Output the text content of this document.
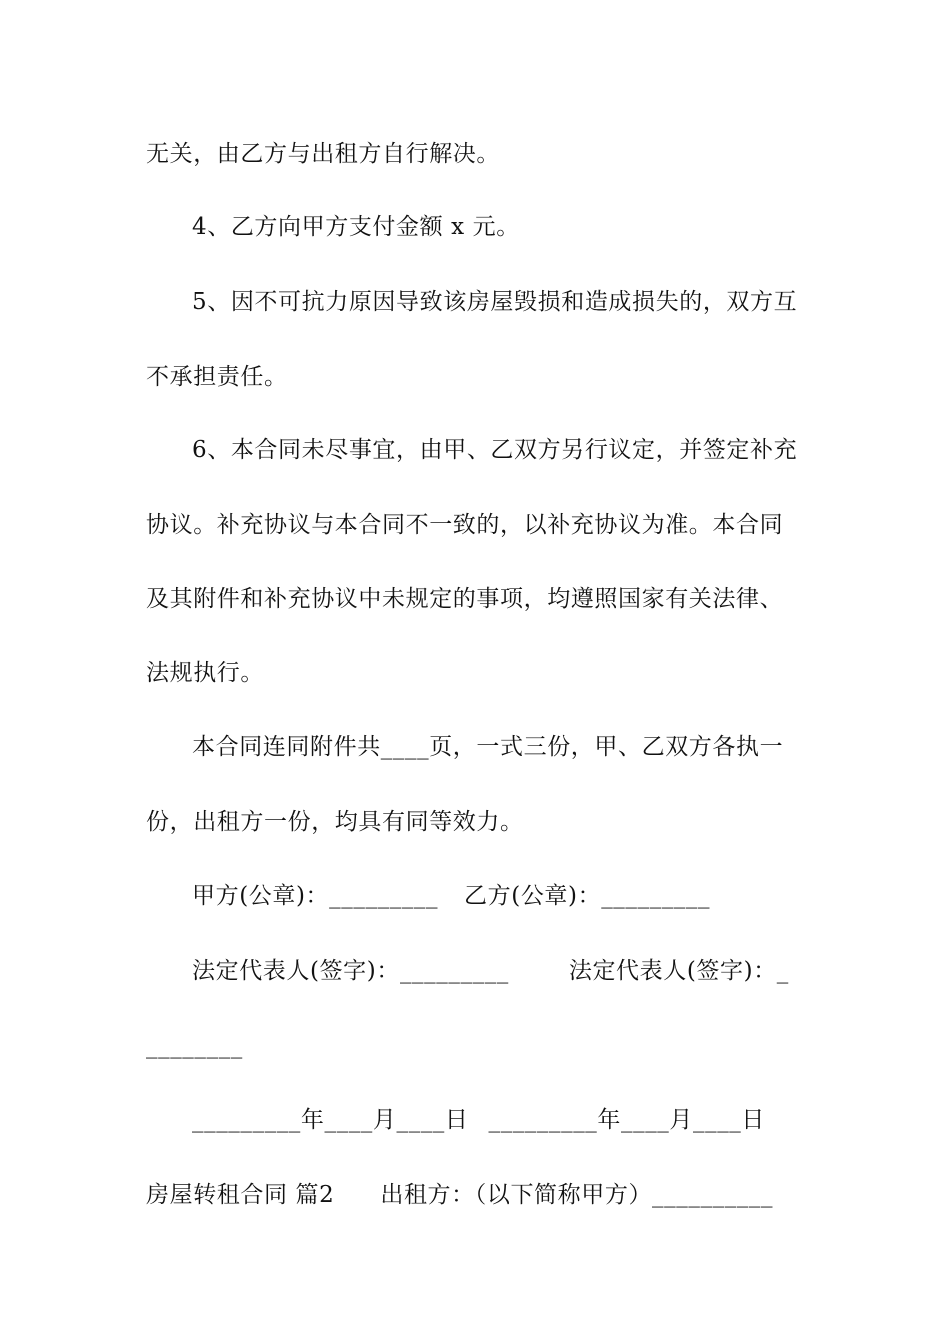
无关，由乙方与出租方自行解决。
4、乙方向甲方支付金额 x 元。
5、因不可抗力原因导致该房屋毁损和造成损失的，双方互
不承担责任。
6、本合同未尽事宜，由甲、乙双方另行议定，并签定补充
协议。补充协议与本合同不一致的，以补充协议为准。本合同
及其附件和补充协议中未规定的事项，均遵照国家有关法律、
法规执行。
本合同连同附件共____页，一式三份，甲、乙双方各执一
份，出租方一份，均具有同等效力。
甲方(公章)：_________ 乙方(公章)：_________
法定代表人(签字)：_________	法定代表人(签字)：_
________
_________年____月____日 _________年____月____日
房屋转租合同 篇2 出租方：（以下简称甲方）__________
